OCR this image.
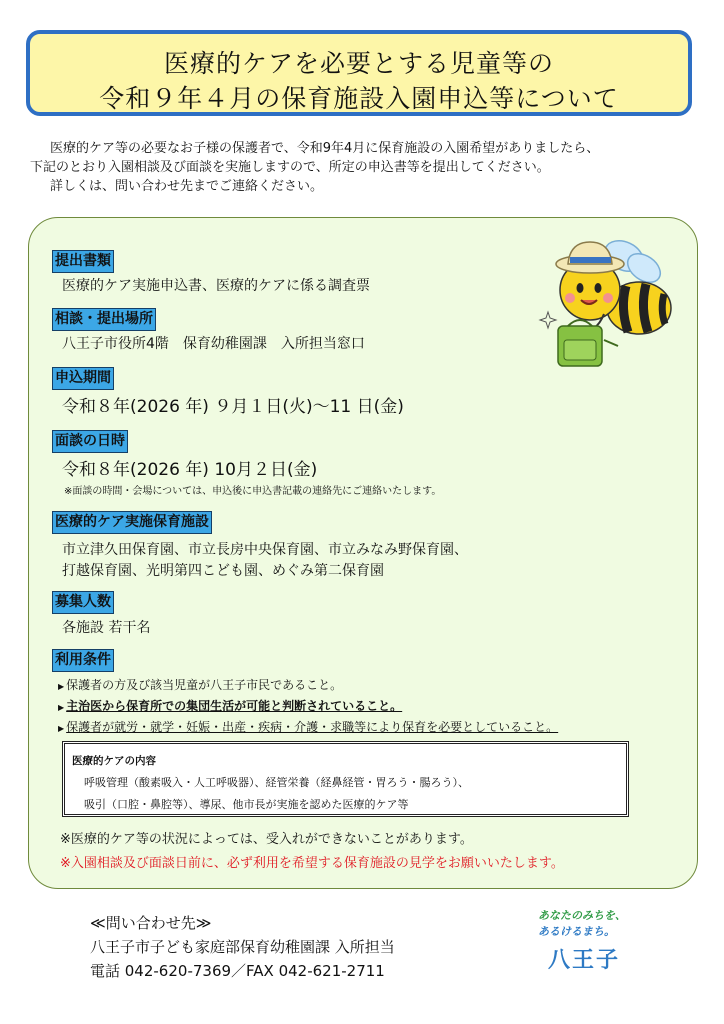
医療的ケアを必要とする児童等の
令和９年４月の保育施設入園申込等について

医療的ケア等の必要なお子様の保護者で、令和9年4月に保育施設の入園希望がありましたら、

下記のとおり入園相談及び面談を実施しますので、所定の申込書等を提出してください。

詳しくは、問い合わせ先までご連絡ください。

提出書類
医療的ケア実施申込書、医療的ケアに係る調査票
相談・提出場所
八王子市役所4階　保育幼稚園課　入所担当窓口
申込期間
令和８年(2026 年) ９月１日(火)～11 日(金)
面談の日時
令和８年(2026 年) 10月２日(金)
※面談の時間・会場については、申込後に申込書記載の連絡先にご連絡いたします。
医療的ケア実施保育施設
市立津久田保育園、市立長房中央保育園、市立みなみ野保育園、
打越保育園、光明第四こども園、めぐみ第二保育園
募集人数
各施設 若干名
利用条件
▶ 保護者の方及び該当児童が八王子市民であること。
▶ 主治医から保育所での集団生活が可能と判断されていること。
▶ 保護者が就労・就学・妊娠・出産・疾病・介護・求職等により保育を必要としていること。
医療的ケアの内容
呼吸管理（酸素吸入・人工呼吸器）、経管栄養（経鼻経管・胃ろう・腸ろう）、
吸引（口腔・鼻腔等）、導尿、他市長が実施を認めた医療的ケア等
※医療的ケア等の状況によっては、受入れができないことがあります。
※入園相談及び面談日前に、必ず利用を希望する保育施設の見学をお願いいたします。
≪問い合わせ先≫
八王子市子ども家庭部保育幼稚園課 入所担当
電話 042-620-7369／FAX 042-621-2711
あなたのみちを、
あるけるまち。
八王子
